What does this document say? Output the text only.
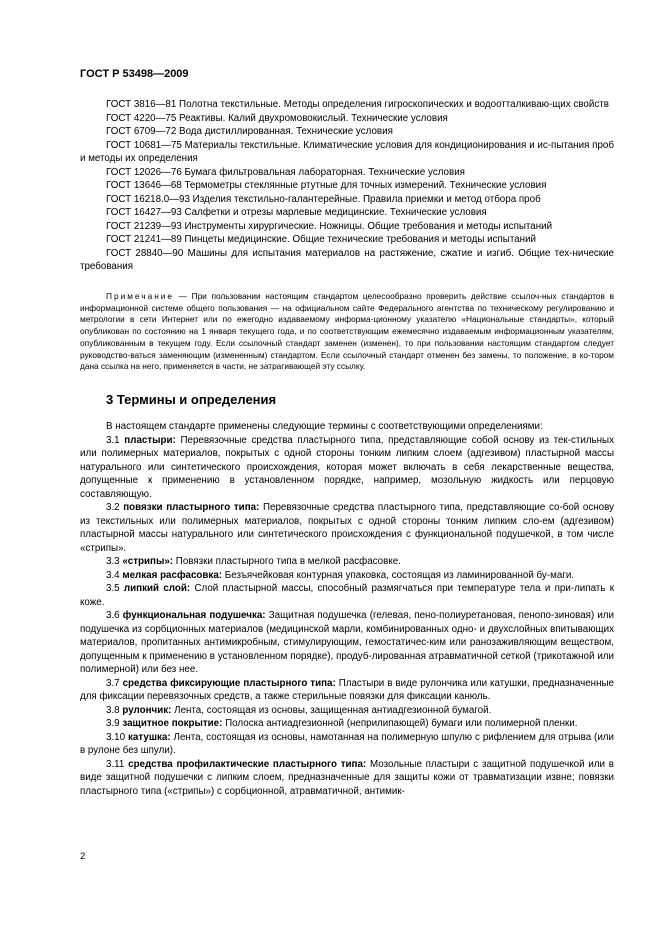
ГОСТ Р 53498—2009
ГОСТ 3816—81 Полотна текстильные. Методы определения гигроскопических и водоотталкиваю-щих свойств
ГОСТ 4220—75 Реактивы. Калий двухромовокислый. Технические условия
ГОСТ 6709—72 Вода дистиллированная. Технические условия
ГОСТ 10681—75 Материалы текстильные. Климатические условия для кондиционирования и ис-пытания проб и методы их определения
ГОСТ 12026—76 Бумага фильтровальная лабораторная. Технические условия
ГОСТ 13646—68 Термометры стеклянные ртутные для точных измерений. Технические условия
ГОСТ 16218.0—93 Изделия текстильно-галантерейные. Правила приемки и метод отбора проб
ГОСТ 16427—93 Салфетки и отрезы марлевые медицинские. Технические условия
ГОСТ 21239—93 Инструменты хирургические. Ножницы. Общие требования и методы испытаний
ГОСТ 21241—89 Пинцеты медицинские. Общие технические требования и методы испытаний
ГОСТ 28840—90 Машины для испытания материалов на растяжение, сжатие и изгиб. Общие тех-нические требования
Примечание — При пользовании настоящим стандартом целесообразно проверить действие ссылоч-ных стандартов в информационной системе общего пользования — на официальном сайте Федерального агентства по техническому регулированию и метрологии в сети Интернет или по ежегодно издаваемому информа-ционному указателю «Национальные стандарты», который опубликован по состоянию на 1 января текущего года, и по соответствующим ежемесячно издаваемым информационным указателям, опубликованным в текущем году. Если ссылочный стандарт заменен (изменен), то при пользовании настоящим стандартом следует руководство-ваться заменяющим (измененным) стандартом. Если ссылочный стандарт отменен без замены, то положение, в ко-тором дана ссылка на него, применяется в части, не затрагивающей эту ссылку.
3 Термины и определения

В настоящем стандарте применены следующие термины с соответствующими определениями:

3.1 пластыри: Перевязочные средства пластырного типа, представляющие собой основу из тек-стильных или полимерных материалов, покрытых с одной стороны тонким липким слоем (адгезивом) пластырной массы натурального или синтетического происхождения, которая может включать в себя лекарственные вещества, допущенные к применению в установленном порядке, например, мозольную жидкость или перцовую составляющую.

3.2 повязки пластырного типа: Перевязочные средства пластырного типа, представляющие со-бой основу из текстильных или полимерных материалов, покрытых с одной стороны тонким липким сло-ем (адгезивом) пластырной массы натурального или синтетического происхождения с функциональной подушечкой, в том числе «стрипы».

3.3 «стрипы»: Повязки пластырного типа в мелкой расфасовке.

3.4 мелкая расфасовка: Безъячейковая контурная упаковка, состоящая из ламинированной бу-маги.

3.5 липкий слой: Слой пластырной массы, способный размягчаться при температуре тела и при-липать к коже.

3.6 функциональная подушечка: Защитная подушечка (гелевая, пено-полиуретановая, пенопо-зиновая) или подушечка из сорбционных материалов (медицинской марли, комбинированных одно- и двухслойных впитывающих материалов, пропитанных антимикробным, стимулирующим, гемостатичес-ким или ранозаживляющим веществом, допущенным к применению в установленном порядке), продуб-лированная атравматичной сеткой (трикотажной или полимерной) или без нее.

3.7 средства фиксирующие пластырного типа: Пластыри в виде рулончика или катушки, предназначенные для фиксации перевязочных средств, а также стерильные повязки для фиксации канюль.

3.8 рулончик: Лента, состоящая из основы, защищенная антиадгезионной бумагой.

3.9 защитное покрытие: Полоска антиадгезионной (неприлипающей) бумаги или полимерной пленки.

3.10 катушка: Лента, состоящая из основы, намотанная на полимерную шпулю с рифлением для отрыва (или в рулоне без шпули).

3.11 средства профилактические пластырного типа: Мозольные пластыри с защитной подушечкой или в виде защитной подушечки с липким слоем, предназначенные для защиты кожи от травматизации извне; повязки пластырного типа («стрипы») с сорбционной, атравматичной, антимик-

2
